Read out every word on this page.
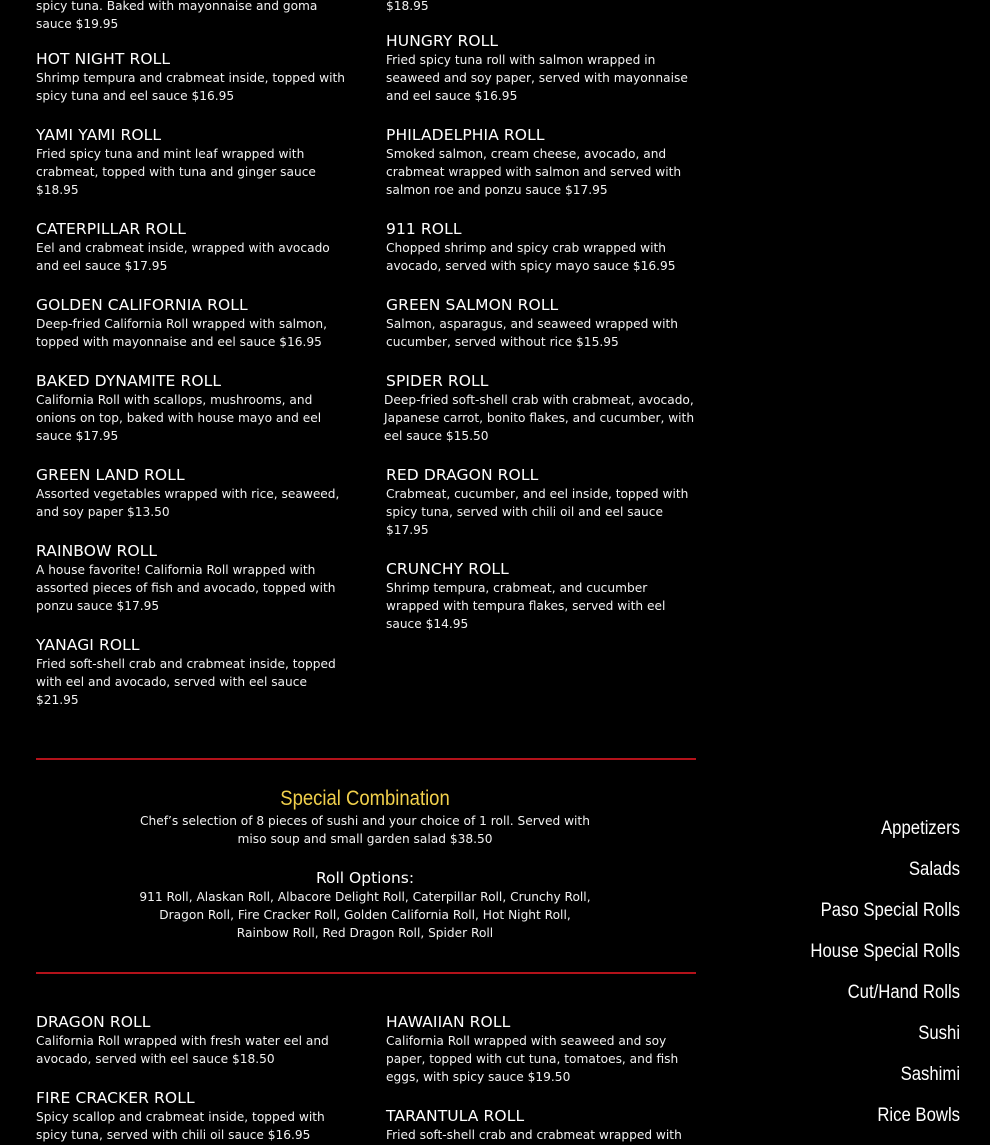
spicy tuna. Baked with mayonnaise and goma sauce $19.95
HOT NIGHT ROLL
Shrimp tempura and crabmeat inside, topped with spicy tuna and eel sauce $16.95
YAMI YAMI ROLL
Fried spicy tuna and mint leaf wrapped with crabmeat, topped with tuna and ginger sauce $18.95
CATERPILLAR ROLL
Eel and crabmeat inside, wrapped with avocado and eel sauce $17.95
GOLDEN CALIFORNIA ROLL
Deep-fried California Roll wrapped with salmon, topped with mayonnaise and eel sauce $16.95
BAKED DYNAMITE ROLL
California Roll with scallops, mushrooms, and onions on top, baked with house mayo and eel sauce $17.95
GREEN LAND ROLL
Assorted vegetables wrapped with rice, seaweed, and soy paper $13.50
RAINBOW ROLL
A house favorite! California Roll wrapped with assorted pieces of fish and avocado, topped with ponzu sauce $17.95
YANAGI ROLL
Fried soft-shell crab and crabmeat inside, topped with eel and avocado, served with eel sauce $21.95
$18.95
HUNGRY ROLL
Fried spicy tuna roll with salmon wrapped in seaweed and soy paper, served with mayonnaise and eel sauce $16.95
PHILADELPHIA ROLL
Smoked salmon, cream cheese, avocado, and crabmeat wrapped with salmon and served with salmon roe and ponzu sauce $17.95
911 ROLL
Chopped shrimp and spicy crab wrapped with avocado, served with spicy mayo sauce $16.95
GREEN SALMON ROLL
Salmon, asparagus, and seaweed wrapped with cucumber, served without rice $15.95
SPIDER ROLL
Deep-fried soft-shell crab with crabmeat, avocado, Japanese carrot, bonito flakes, and cucumber, with eel sauce $15.50
RED DRAGON ROLL
Crabmeat, cucumber, and eel inside, topped with spicy tuna, served with chili oil and eel sauce $17.95
CRUNCHY ROLL
Shrimp tempura, crabmeat, and cucumber wrapped with tempura flakes, served with eel sauce $14.95
Special Combination
Chef’s selection of 8 pieces of sushi and your choice of 1 roll. Served with miso soup and small garden salad $38.50
Roll Options:
911 Roll, Alaskan Roll, Albacore Delight Roll, Caterpillar Roll, Crunchy Roll, Dragon Roll, Fire Cracker Roll, Golden California Roll, Hot Night Roll, Rainbow Roll, Red Dragon Roll, Spider Roll
DRAGON ROLL
California Roll wrapped with fresh water eel and avocado, served with eel sauce $18.50
FIRE CRACKER ROLL
Spicy scallop and crabmeat inside, topped with spicy tuna, served with chili oil sauce $16.95
HAWAIIAN ROLL
California Roll wrapped with seaweed and soy paper, topped with cut tuna, tomatoes, and fish eggs, with spicy sauce $19.50
TARANTULA ROLL
Fried soft-shell crab and crabmeat wrapped with
Appetizers
Salads
Paso Special Rolls
House Special Rolls
Cut/Hand Rolls
Sushi
Sashimi
Rice Bowls
